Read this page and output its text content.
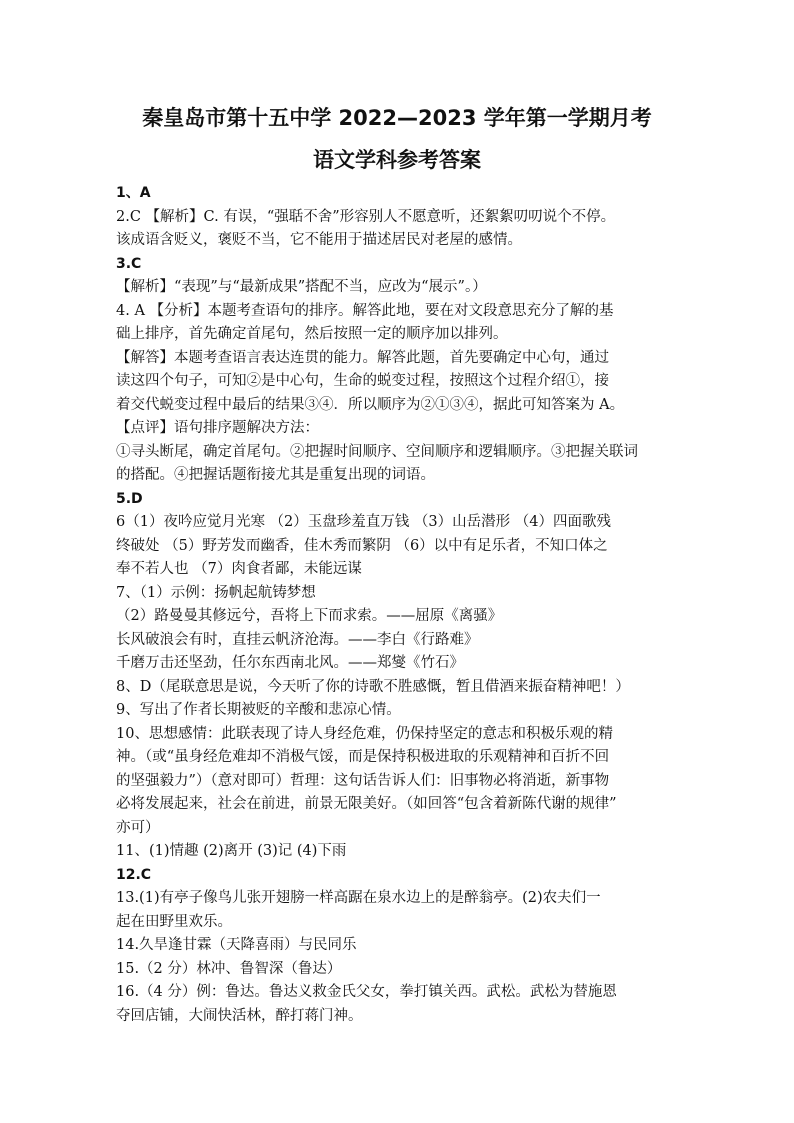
秦皇岛市第十五中学 2022—2023 学年第一学期月考
语文学科参考答案
1、A
2.C 【解析】C. 有误，“强聒不舍”形容别人不愿意听，还絮絮叨叨说个不停。
该成语含贬义，褒贬不当，它不能用于描述居民对老屋的感情。
3.C
【解析】“表现”与“最新成果”搭配不当，应改为“展示”。）
4. A 【分析】本题考查语句的排序。解答此地，要在对文段意思充分了解的基
础上排序，首先确定首尾句，然后按照一定的顺序加以排列。
【解答】本题考查语言表达连贯的能力。解答此题，首先要确定中心句，通过
读这四个句子，可知②是中心句，生命的蜕变过程，按照这个过程介绍①，接
着交代蜕变过程中最后的结果③④．所以顺序为②①③④，据此可知答案为 A。
【点评】语句排序题解决方法：
①寻头断尾，确定首尾句。②把握时间顺序、空间顺序和逻辑顺序。③把握关联词
的搭配。④把握话题衔接尤其是重复出现的词语。
5.D
6（1）夜吟应觉月光寒 （2）玉盘珍羞直万钱 （3）山岳潜形 （4）四面歌残
终破处 （5）野芳发而幽香，佳木秀而繁阴 （6）以中有足乐者，不知口体之
奉不若人也 （7）肉食者鄙，未能远谋
7、（1）示例：扬帆起航铸梦想
（2）路曼曼其修远兮，吾将上下而求索。——屈原《离骚》
长风破浪会有时，直挂云帆济沧海。——李白《行路难》
千磨万击还坚劲，任尔东西南北风。——郑燮《竹石》
8、D（尾联意思是说，今天听了你的诗歌不胜感慨，暂且借酒来振奋精神吧！）
9、写出了作者长期被贬的辛酸和悲凉心情。
10、思想感情：此联表现了诗人身经危难，仍保持坚定的意志和积极乐观的精
神。（或“虽身经危难却不消极气馁，而是保持积极进取的乐观精神和百折不回
的坚强毅力”）（意对即可）哲理：这句话告诉人们：旧事物必将消逝，新事物
必将发展起来，社会在前进，前景无限美好。（如回答“包含着新陈代谢的规律”
亦可）
11、(1)情趣 (2)离开 (3)记 (4)下雨
12.C
13.(1)有亭子像鸟儿张开翅膀一样高踞在泉水边上的是醉翁亭。(2)农夫们一
起在田野里欢乐。
14.久旱逢甘霖（天降喜雨）与民同乐
15.（2 分）林冲、鲁智深（鲁达）
16.（4 分）例：鲁达。鲁达义救金氏父女，拳打镇关西。武松。武松为替施恩
夺回店铺，大闹快活林，醉打蒋门神。
